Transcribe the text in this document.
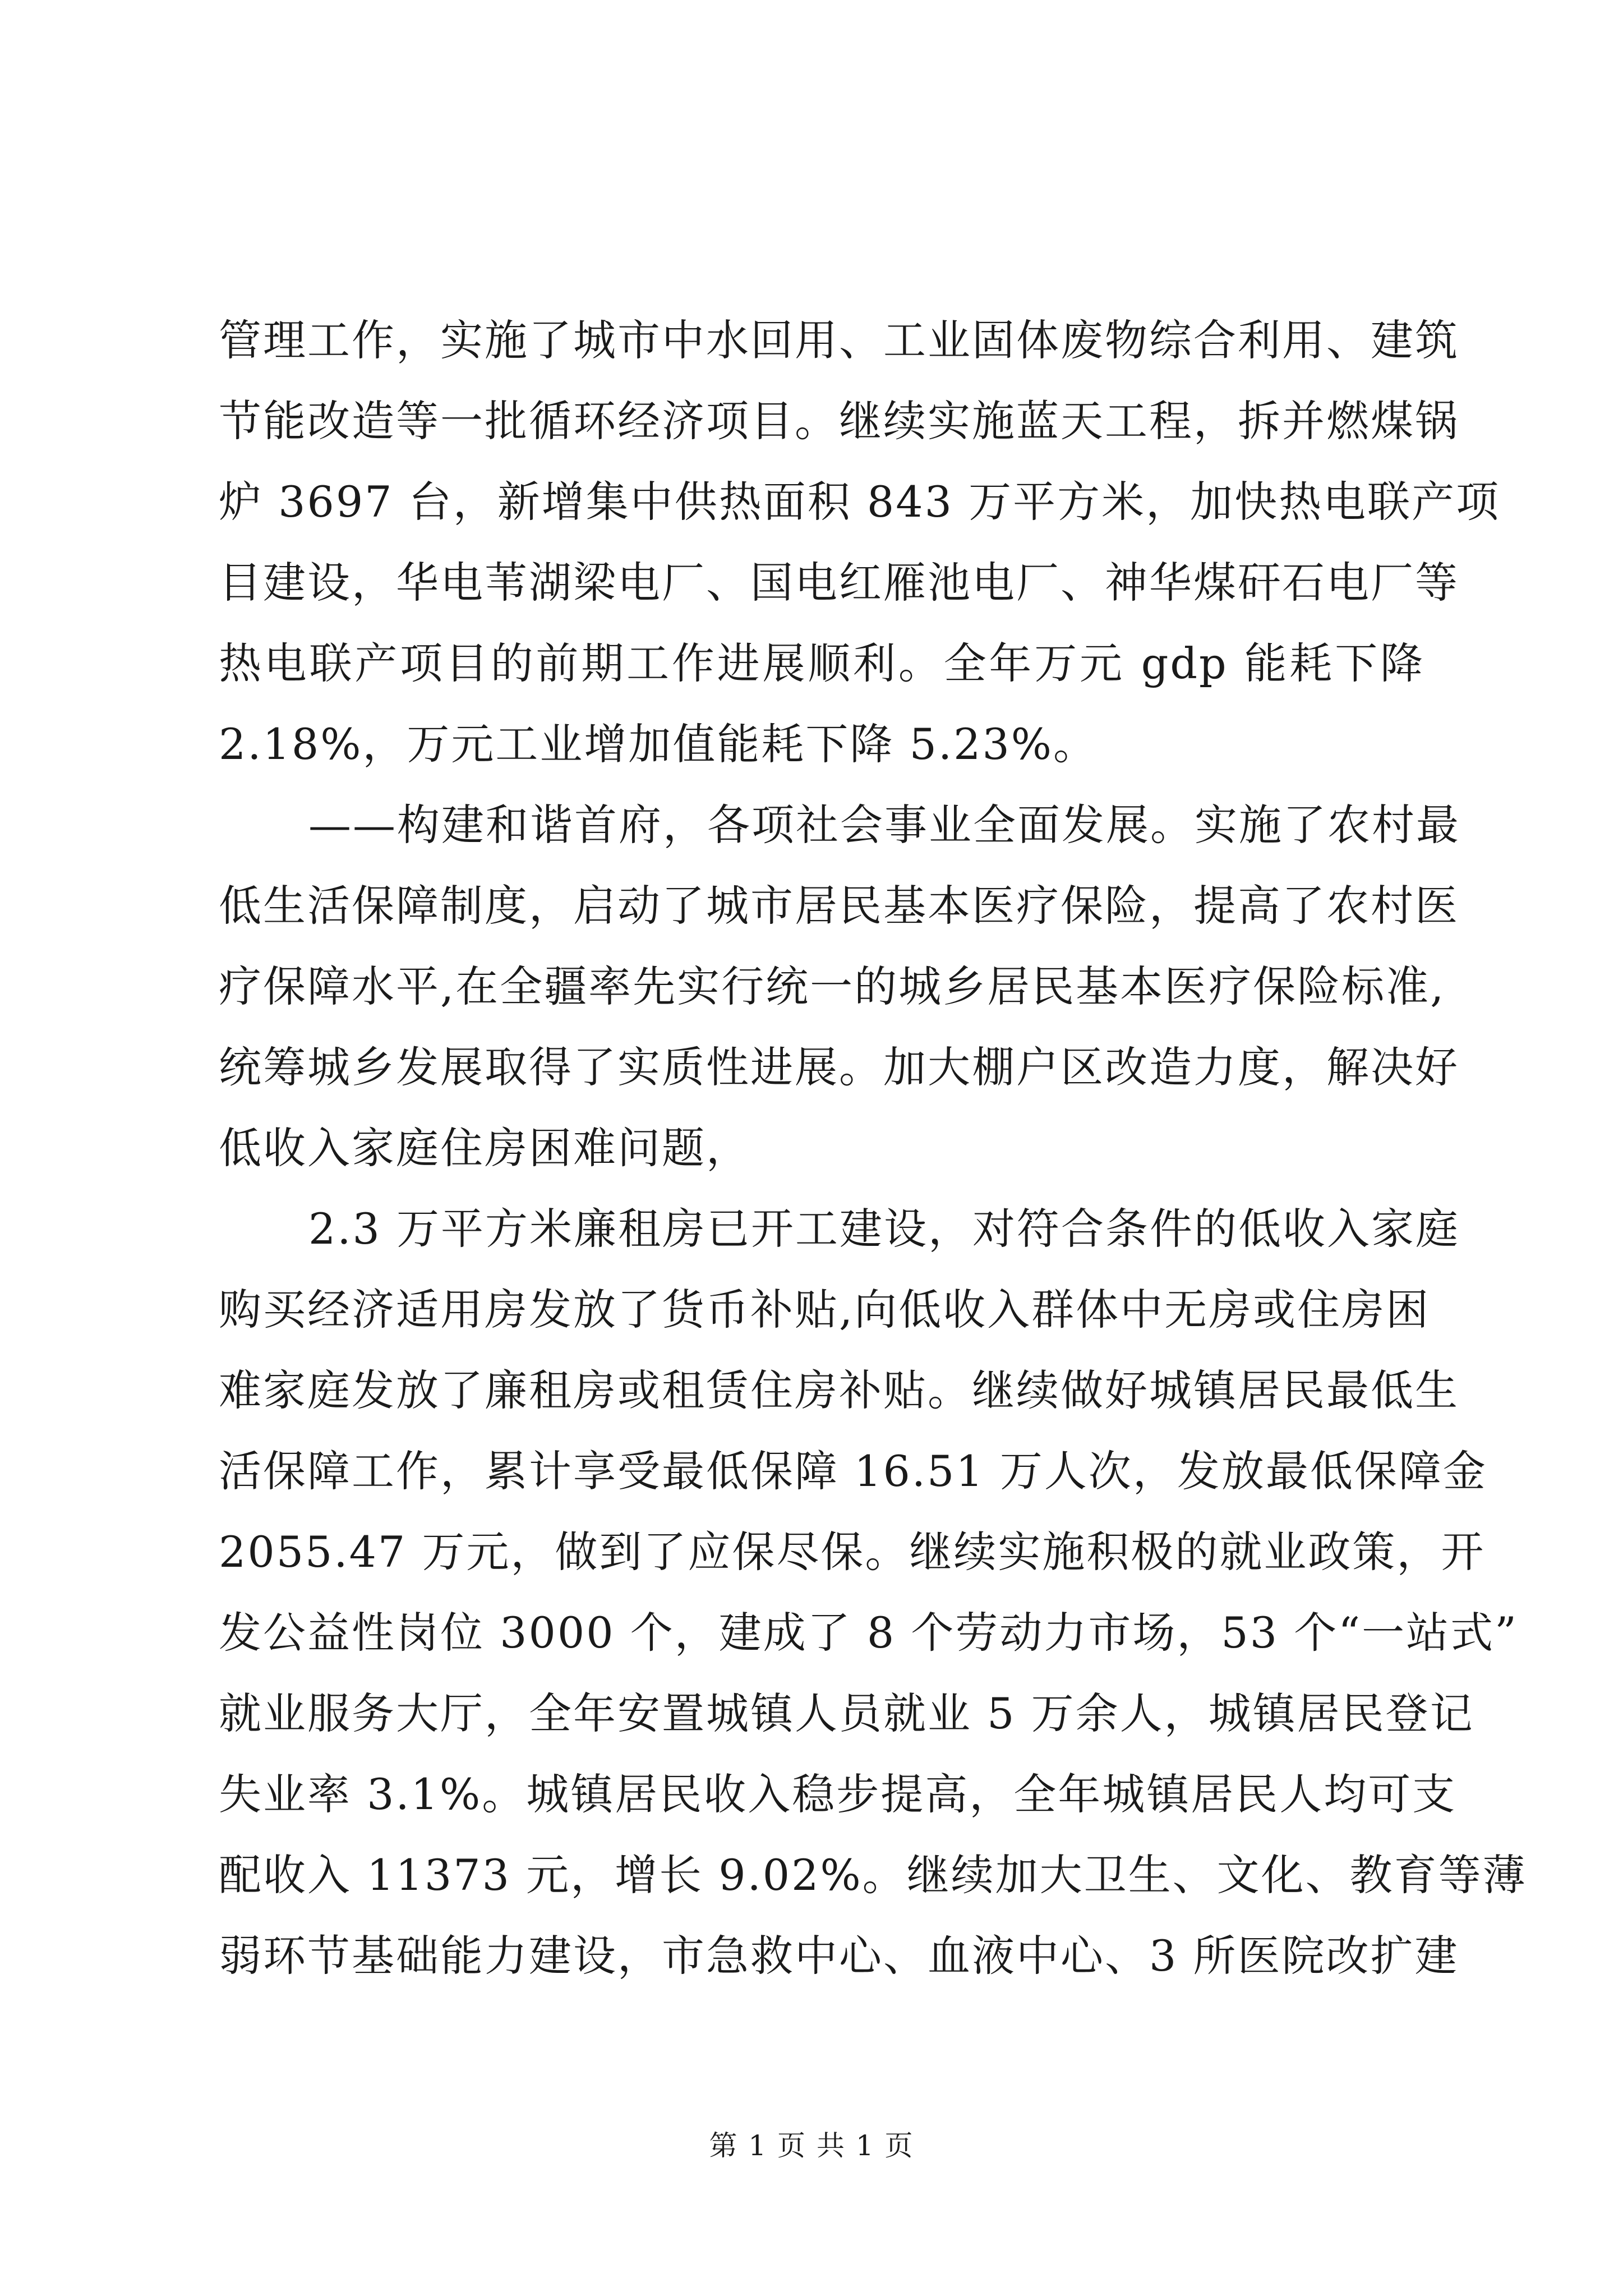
管理工作，实施了城市中水回用、工业固体废物综合利用、建筑
节能改造等一批循环经济项目。继续实施蓝天工程，拆并燃煤锅
炉 3697 台，新增集中供热面积 843 万平方米，加快热电联产项
目建设，华电苇湖梁电厂、国电红雁池电厂、神华煤矸石电厂等
热电联产项目的前期工作进展顺利。全年万元 gdp 能耗下降
2.18%，万元工业增加值能耗下降 5.23%。
——构建和谐首府，各项社会事业全面发展。实施了农村最
低生活保障制度，启动了城市居民基本医疗保险，提高了农村医
疗保障水平,在全疆率先实行统一的城乡居民基本医疗保险标准,
统筹城乡发展取得了实质性进展。加大棚户区改造力度，解决好
低收入家庭住房困难问题，
2.3 万平方米廉租房已开工建设，对符合条件的低收入家庭
购买经济适用房发放了货币补贴,向低收入群体中无房或住房困
难家庭发放了廉租房或租赁住房补贴。继续做好城镇居民最低生
活保障工作，累计享受最低保障 16.51 万人次，发放最低保障金
2055.47 万元，做到了应保尽保。继续实施积极的就业政策，开
发公益性岗位 3000 个，建成了 8 个劳动力市场，53 个“一站式”
就业服务大厅，全年安置城镇人员就业 5 万余人，城镇居民登记
失业率 3.1%。城镇居民收入稳步提高，全年城镇居民人均可支
配收入 11373 元，增长 9.02%。继续加大卫生、文化、教育等薄
弱环节基础能力建设，市急救中心、血液中心、3 所医院改扩建
第 1 页 共 1 页
